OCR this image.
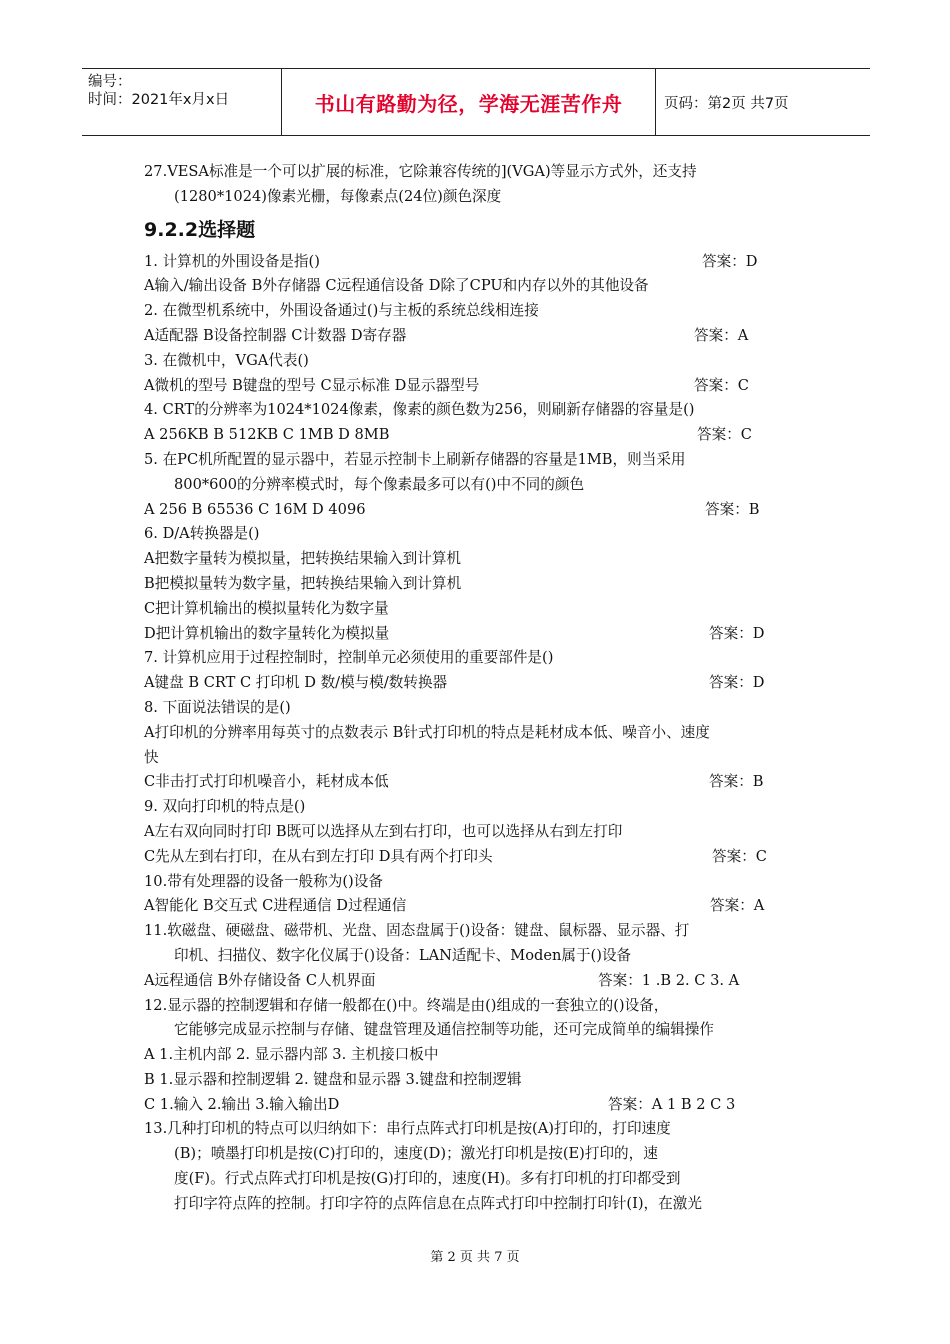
编号：
时间：2021年x月x日	书山有路勤为径，学海无涯苦作舟	页码：第2页 共7页
27.VESA标准是一个可以扩展的标准，它除兼容传统的](VGA)等显示方式外，还支持
(1280*1024)像素光栅，每像素点(24位)颜色深度
9.2.2选择题
1. 计算机的外围设备是指()	答案：D
A输入/输出设备 B外存储器 C远程通信设备 D除了CPU和内存以外的其他设备
2. 在微型机系统中，外围设备通过()与主板的系统总线相连接
A适配器 B设备控制器 C计数器 D寄存器	答案：A
3. 在微机中，VGA代表()
A微机的型号 B键盘的型号 C显示标准 D显示器型号	答案：C
4. CRT的分辨率为1024*1024像素，像素的颜色数为256，则刷新存储器的容量是()
A 256KB B 512KB C 1MB D 8MB	答案：C
5. 在PC机所配置的显示器中，若显示控制卡上刷新存储器的容量是1MB，则当采用
800*600的分辨率模式时，每个像素最多可以有()中不同的颜色
A 256 B 65536 C 16M D 4096	答案：B
6. D/A转换器是()
A把数字量转为模拟量，把转换结果输入到计算机
B把模拟量转为数字量，把转换结果输入到计算机
C把计算机输出的模拟量转化为数字量
D把计算机输出的数字量转化为模拟量	答案：D
7. 计算机应用于过程控制时，控制单元必须使用的重要部件是()
A键盘 B CRT C 打印机 D 数/模与模/数转换器	答案：D
8. 下面说法错误的是()
A打印机的分辨率用每英寸的点数表示 B针式打印机的特点是耗材成本低、噪音小、速度
快
C非击打式打印机噪音小，耗材成本低	答案：B
9. 双向打印机的特点是()
A左右双向同时打印 B既可以选择从左到右打印，也可以选择从右到左打印
C先从左到右打印，在从右到左打印 D具有两个打印头	答案：C
10.带有处理器的设备一般称为()设备
A智能化 B交互式 C进程通信 D过程通信	答案：A
11.软磁盘、硬磁盘、磁带机、光盘、固态盘属于()设备：键盘、鼠标器、显示器、打
印机、扫描仪、数字化仪属于()设备：LAN适配卡、Moden属于()设备
A远程通信 B外存储设备 C人机界面	答案：1 .B 2. C 3. A
12.显示器的控制逻辑和存储一般都在()中。终端是由()组成的一套独立的()设备，
它能够完成显示控制与存储、键盘管理及通信控制等功能，还可完成简单的编辑操作
A 1.主机内部 2. 显示器内部 3. 主机接口板中
B 1.显示器和控制逻辑 2. 键盘和显示器 3.键盘和控制逻辑
C 1.输入 2.输出 3.输入输出D	答案：A 1 B 2 C 3
13.几种打印机的特点可以归纳如下：串行点阵式打印机是按(A)打印的，打印速度
(B)；喷墨打印机是按(C)打印的，速度(D)；激光打印机是按(E)打印的，速
度(F)。行式点阵式打印机是按(G)打印的，速度(H)。多有打印机的打印都受到
打印字符点阵的控制。打印字符的点阵信息在点阵式打印中控制打印针(I)，在激光
第 2 页 共 7 页
